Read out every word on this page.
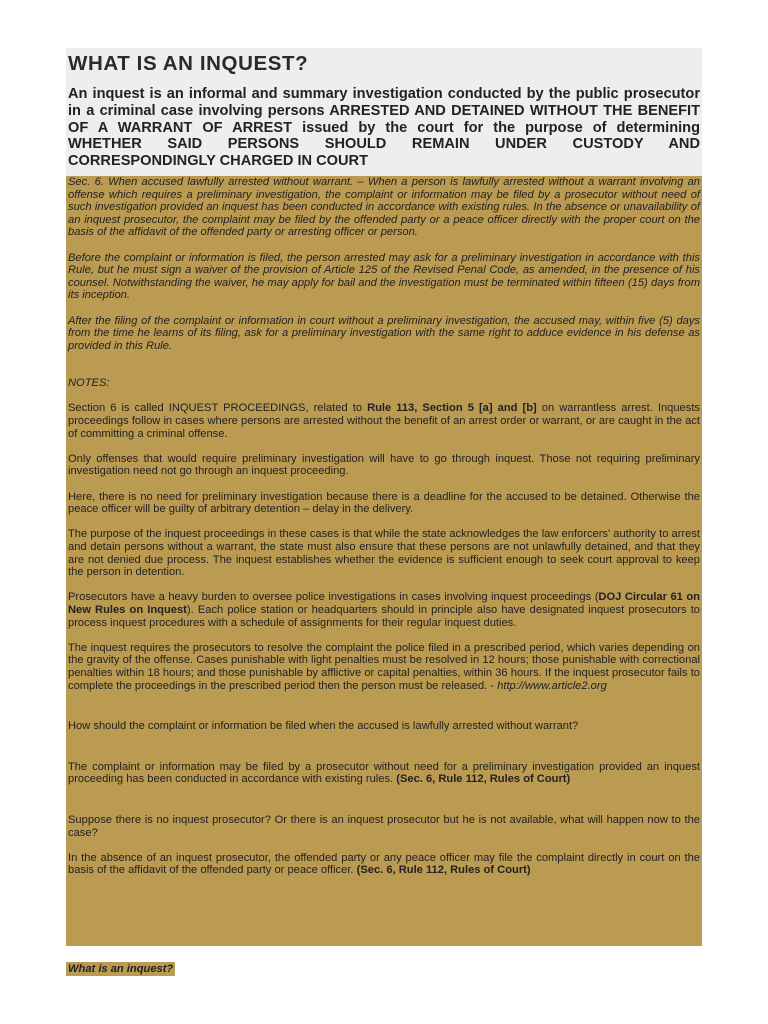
WHAT IS AN INQUEST?

An inquest is an informal and summary investigation conducted by the public prosecutor in a criminal case involving persons ARRESTED AND DETAINED WITHOUT THE BENEFIT OF A WARRANT OF ARREST issued by the court for the purpose of determining WHETHER SAID PERSONS SHOULD REMAIN UNDER CUSTODY AND CORRESPONDINGLY CHARGED IN COURT

Sec. 6. When accused lawfully arrested without warrant. – When a person is lawfully arrested without a warrant involving an offense which requires a preliminary investigation, the complaint or information may be filed by a prosecutor without need of such investigation provided an inquest has been conducted in accordance with existing rules. In the absence or unavailability of an inquest prosecutor, the complaint may be filed by the offended party or a peace officer directly with the proper court on the basis of the affidavit of the offended party or arresting officer or person.

Before the complaint or information is filed, the person arrested may ask for a preliminary investigation in accordance with this Rule, but he must sign a waiver of the provision of Article 125 of the Revised Penal Code, as amended, in the presence of his counsel. Notwithstanding the waiver, he may apply for bail and the investigation must be terminated within fifteen (15) days from its inception.

After the filing of the complaint or information in court without a preliminary investigation, the accused may, within five (5) days from the time he learns of its filing, ask for a preliminary investigation with the same right to adduce evidence in his defense as provided in this Rule.

NOTES:

Section 6 is called INQUEST PROCEEDINGS, related to Rule 113, Section 5 [a] and [b] on warrantless arrest. Inquests proceedings follow in cases where persons are arrested without the benefit of an arrest order or warrant, or are caught in the act of committing a criminal offense.

Only offenses that would require preliminary investigation will have to go through inquest. Those not requiring preliminary investigation need not go through an inquest proceeding.

Here, there is no need for preliminary investigation because there is a deadline for the accused to be detained. Otherwise the peace officer will be guilty of arbitrary detention – delay in the delivery.

The purpose of the inquest proceedings in these cases is that while the state acknowledges the law enforcers' authority to arrest and detain persons without a warrant, the state must also ensure that these persons are not unlawfully detained, and that they are not denied due process. The inquest establishes whether the evidence is sufficient enough to seek court approval to keep the person in detention.

Prosecutors have a heavy burden to oversee police investigations in cases involving inquest proceedings (DOJ Circular 61 on New Rules on Inquest). Each police station or headquarters should in principle also have designated inquest prosecutors to process inquest procedures with a schedule of assignments for their regular inquest duties.

The inquest requires the prosecutors to resolve the complaint the police filed in a prescribed period, which varies depending on the gravity of the offense. Cases punishable with light penalties must be resolved in 12 hours; those punishable with correctional penalties within 18 hours; and those punishable by afflictive or capital penalties, within 36 hours. If the inquest prosecutor fails to complete the proceedings in the prescribed period then the person must be released. - http://www.article2.org

How should the complaint or information be filed when the accused is lawfully arrested without warrant?

The complaint or information may be filed by a prosecutor without need for a preliminary investigation provided an inquest proceeding has been conducted in accordance with existing rules. (Sec. 6, Rule 112, Rules of Court)

Suppose there is no inquest prosecutor? Or there is an inquest prosecutor but he is not available, what will happen now to the case?

In the absence of an inquest prosecutor, the offended party or any peace officer may file the complaint directly in court on the basis of the affidavit of the offended party or peace officer. (Sec. 6, Rule 112, Rules of Court)

What is an inquest?
